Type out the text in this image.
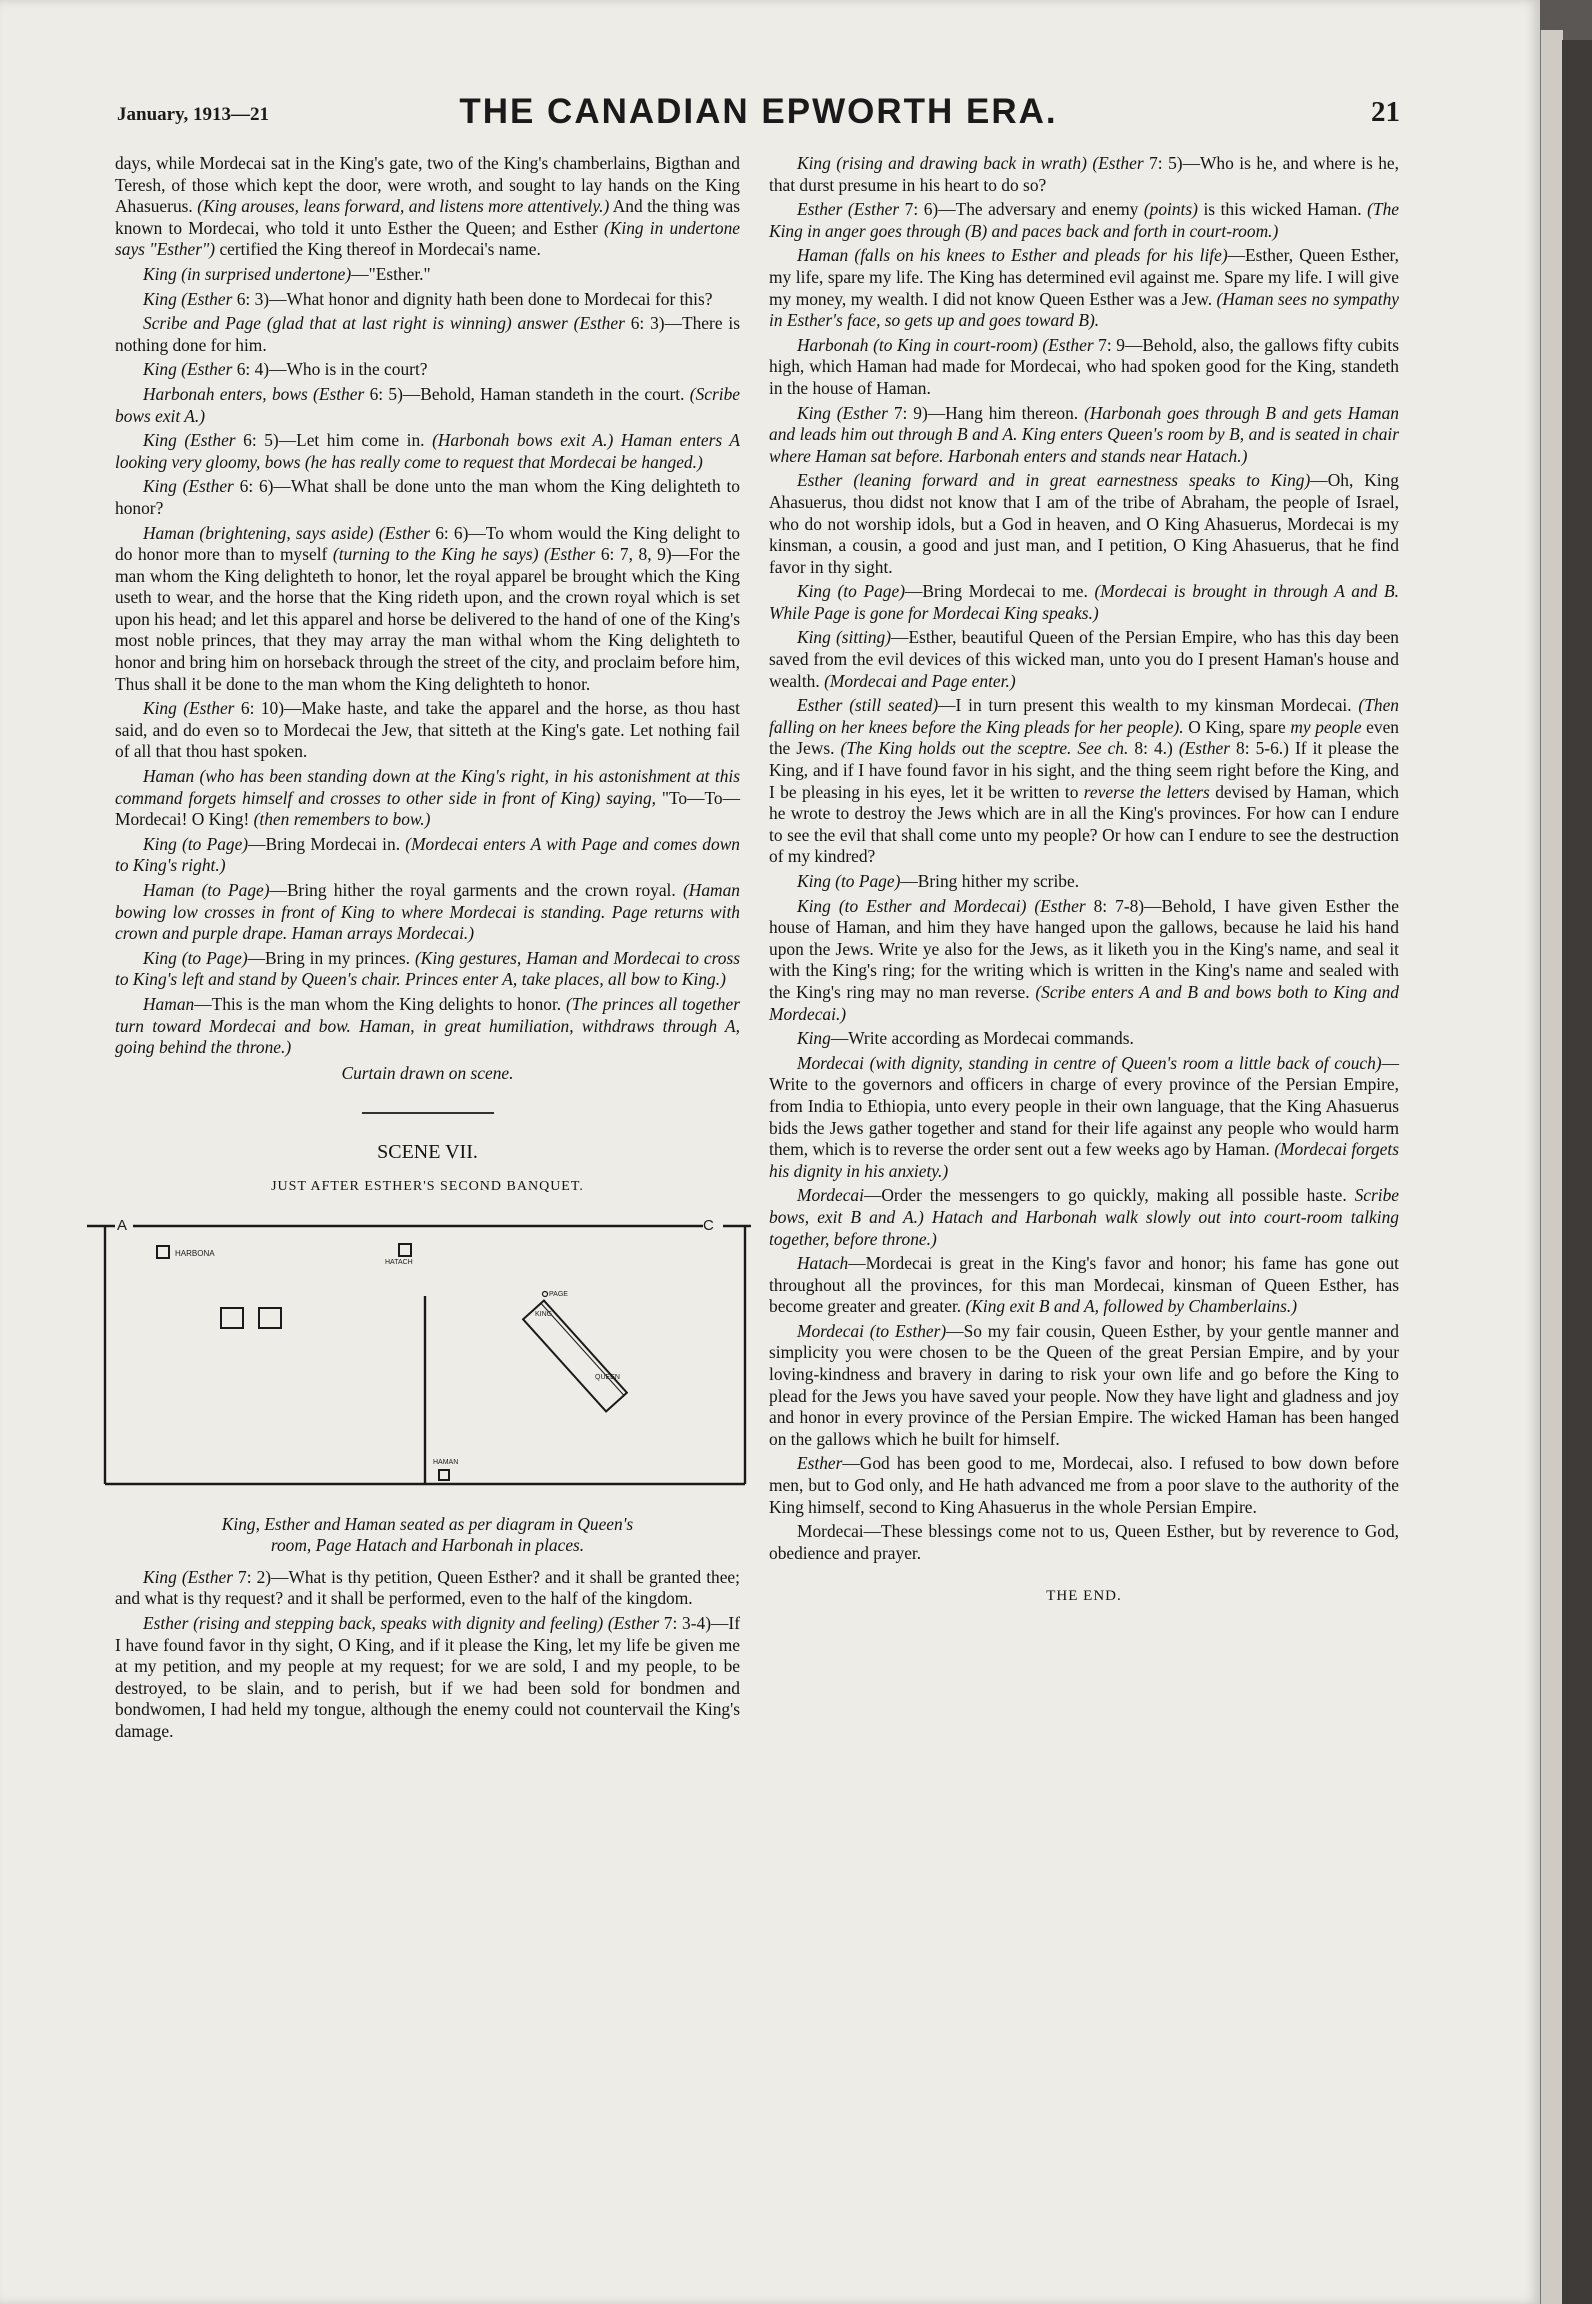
January, 1913—21	THE CANADIAN EPWORTH ERA.	21

days, while Mordecai sat in the King's gate, two of the King's chamberlains, Bigthan and Teresh, of those which kept the door, were wroth, and sought to lay hands on the King Ahasuerus. (King arouses, leans forward, and listens more attentively.) And the thing was known to Mordecai, who told it unto Esther the Queen; and Esther (King in undertone says "Esther") certified the King thereof in Mordecai's name.

King (in surprised undertone)—"Esther."

King (Esther 6: 3)—What honor and dignity hath been done to Mordecai for this?

Scribe and Page (glad that at last right is winning) answer (Esther 6: 3)—There is nothing done for him.

King (Esther 6: 4)—Who is in the court?

Harbonah enters, bows (Esther 6: 5)—Behold, Haman standeth in the court. (Scribe bows exit A.)

King (Esther 6: 5)—Let him come in. (Harbonah bows exit A.) Haman enters A looking very gloomy, bows (he has really come to request that Mordecai be hanged.)

King (Esther 6: 6)—What shall be done unto the man whom the King delighteth to honor?

Haman (brightening, says aside) (Esther 6: 6)—To whom would the King delight to do honor more than to myself (turning to the King he says) (Esther 6: 7, 8, 9)—For the man whom the King delighteth to honor, let the royal apparel be brought which the King useth to wear, and the horse that the King rideth upon, and the crown royal which is set upon his head; and let this apparel and horse be delivered to the hand of one of the King's most noble princes, that they may array the man withal whom the King delighteth to honor and bring him on horseback through the street of the city, and proclaim before him, Thus shall it be done to the man whom the King delighteth to honor.

King (Esther 6: 10)—Make haste, and take the apparel and the horse, as thou hast said, and do even so to Mordecai the Jew, that sitteth at the King's gate. Let nothing fail of all that thou hast spoken.

Haman (who has been standing down at the King's right, in his astonishment at this command forgets himself and crosses to other side in front of King) saying, "To—To—Mordecai! O King! (then remembers to bow.)

King (to Page)—Bring Mordecai in. (Mordecai enters A with Page and comes down to King's right.)

Haman (to Page)—Bring hither the royal garments and the crown royal. (Haman bowing low crosses in front of King to where Mordecai is standing. Page returns with crown and purple drape. Haman arrays Mordecai.)

King (to Page)—Bring in my princes. (King gestures, Haman and Mordecai to cross to King's left and stand by Queen's chair. Princes enter A, take places, all bow to King.)

Haman—This is the man whom the King delights to honor. (The princes all together turn toward Mordecai and bow. Haman, in great humiliation, withdraws through A, going behind the throne.)

Curtain drawn on scene.

SCENE VII.

JUST AFTER ESTHER'S SECOND BANQUET.

A	C
HARBONA
HATACH
PAGE
KING
QUEEN
HAMAN

King, Esther and Haman seated as per diagram in Queen's
room, Page Hatach and Harbonah in places.

King (Esther 7: 2)—What is thy petition, Queen Esther? and it shall be granted thee; and what is thy request? and it shall be performed, even to the half of the kingdom.

Esther (rising and stepping back, speaks with dignity and feeling) (Esther 7: 3-4)—If I have found favor in thy sight, O King, and if it please the King, let my life be given me at my petition, and my people at my request; for we are sold, I and my people, to be destroyed, to be slain, and to perish, but if we had been sold for bondmen and bondwomen, I had held my tongue, although the enemy could not countervail the King's damage.

King (rising and drawing back in wrath) (Esther 7: 5)—Who is he, and where is he, that durst presume in his heart to do so?

Esther (Esther 7: 6)—The adversary and enemy (points) is this wicked Haman. (The King in anger goes through (B) and paces back and forth in court-room.)

Haman (falls on his knees to Esther and pleads for his life)—Esther, Queen Esther, my life, spare my life. The King has determined evil against me. Spare my life. I will give my money, my wealth. I did not know Queen Esther was a Jew. (Haman sees no sympathy in Esther's face, so gets up and goes toward B).

Harbonah (to King in court-room) (Esther 7: 9—Behold, also, the gallows fifty cubits high, which Haman had made for Mordecai, who had spoken good for the King, standeth in the house of Haman.

King (Esther 7: 9)—Hang him thereon. (Harbonah goes through B and gets Haman and leads him out through B and A. King enters Queen's room by B, and is seated in chair where Haman sat before. Harbonah enters and stands near Hatach.)

Esther (leaning forward and in great earnestness speaks to King)—Oh, King Ahasuerus, thou didst not know that I am of the tribe of Abraham, the people of Israel, who do not worship idols, but a God in heaven, and O King Ahasuerus, Mordecai is my kinsman, a cousin, a good and just man, and I petition, O King Ahasuerus, that he find favor in thy sight.

King (to Page)—Bring Mordecai to me. (Mordecai is brought in through A and B. While Page is gone for Mordecai King speaks.)

King (sitting)—Esther, beautiful Queen of the Persian Empire, who has this day been saved from the evil devices of this wicked man, unto you do I present Haman's house and wealth. (Mordecai and Page enter.)

Esther (still seated)—I in turn present this wealth to my kinsman Mordecai. (Then falling on her knees before the King pleads for her people). O King, spare my people even the Jews. (The King holds out the sceptre. See ch. 8: 4.) (Esther 8: 5-6.) If it please the King, and if I have found favor in his sight, and the thing seem right before the King, and I be pleasing in his eyes, let it be written to reverse the letters devised by Haman, which he wrote to destroy the Jews which are in all the King's provinces. For how can I endure to see the evil that shall come unto my people? Or how can I endure to see the destruction of my kindred?

King (to Page)—Bring hither my scribe.

King (to Esther and Mordecai) (Esther 8: 7-8)—Behold, I have given Esther the house of Haman, and him they have hanged upon the gallows, because he laid his hand upon the Jews. Write ye also for the Jews, as it liketh you in the King's name, and seal it with the King's ring; for the writing which is written in the King's name and sealed with the King's ring may no man reverse. (Scribe enters A and B and bows both to King and Mordecai.)

King—Write according as Mordecai commands.

Mordecai (with dignity, standing in centre of Queen's room a little back of couch)—Write to the governors and officers in charge of every province of the Persian Empire, from India to Ethiopia, unto every people in their own language, that the King Ahasuerus bids the Jews gather together and stand for their life against any people who would harm them, which is to reverse the order sent out a few weeks ago by Haman. (Mordecai forgets his dignity in his anxiety.)

Mordecai—Order the messengers to go quickly, making all possible haste. Scribe bows, exit B and A.) Hatach and Harbonah walk slowly out into court-room talking together, before throne.)

Hatach—Mordecai is great in the King's favor and honor; his fame has gone out throughout all the provinces, for this man Mordecai, kinsman of Queen Esther, has become greater and greater. (King exit B and A, followed by Chamberlains.)

Mordecai (to Esther)—So my fair cousin, Queen Esther, by your gentle manner and simplicity you were chosen to be the Queen of the great Persian Empire, and by your loving-kindness and bravery in daring to risk your own life and go before the King to plead for the Jews you have saved your people. Now they have light and gladness and joy and honor in every province of the Persian Empire. The wicked Haman has been hanged on the gallows which he built for himself.

Esther—God has been good to me, Mordecai, also. I refused to bow down before men, but to God only, and He hath advanced me from a poor slave to the authority of the King himself, second to King Ahasuerus in the whole Persian Empire.

Mordecai—These blessings come not to us, Queen Esther, but by reverence to God, obedience and prayer.

THE END.
